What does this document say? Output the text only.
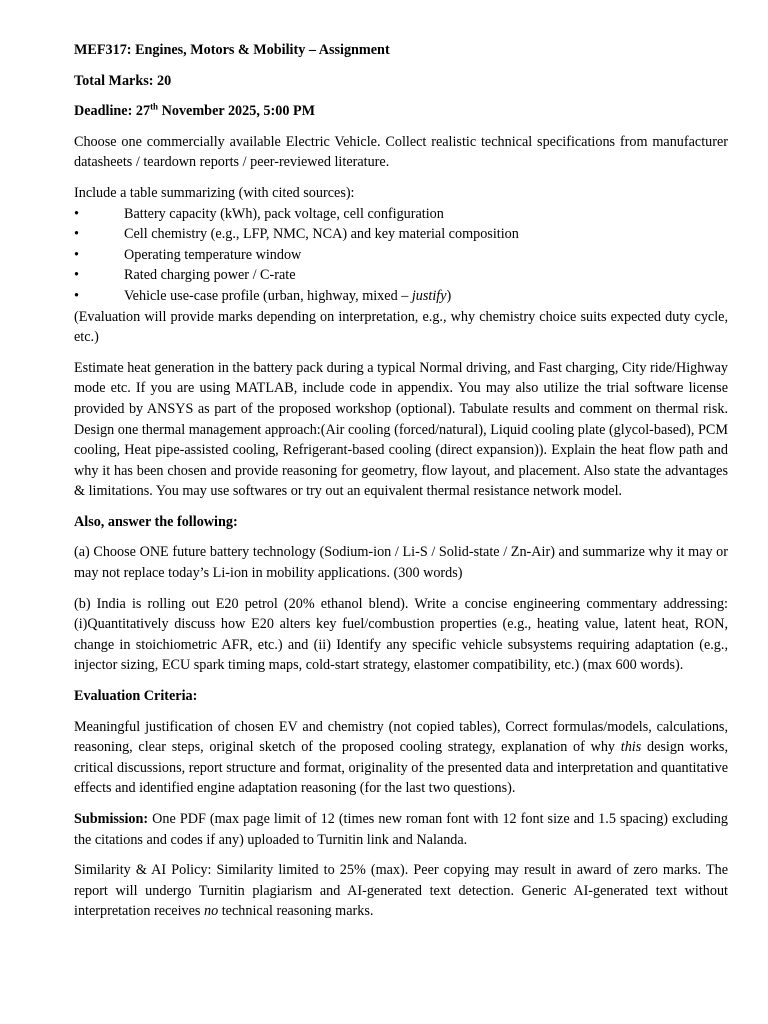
MEF317: Engines, Motors & Mobility – Assignment

Total Marks: 20

Deadline: 27th November 2025, 5:00 PM

Choose one commercially available Electric Vehicle. Collect realistic technical specifications from manufacturer datasheets / teardown reports / peer-reviewed literature.

Include a table summarizing (with cited sources):

•	Battery capacity (kWh), pack voltage, cell configuration
•	Cell chemistry (e.g., LFP, NMC, NCA) and key material composition
•	Operating temperature window
•	Rated charging power / C-rate
•	Vehicle use-case profile (urban, highway, mixed – justify)

(Evaluation will provide marks depending on interpretation, e.g., why chemistry choice suits expected duty cycle, etc.)

Estimate heat generation in the battery pack during a typical Normal driving, and Fast charging, City ride/Highway mode etc. If you are using MATLAB, include code in appendix. You may also utilize the trial software license provided by ANSYS as part of the proposed workshop (optional). Tabulate results and comment on thermal risk. Design one thermal management approach:(Air cooling (forced/natural), Liquid cooling plate (glycol-based), PCM cooling, Heat pipe-assisted cooling, Refrigerant-based cooling (direct expansion)). Explain the heat flow path and why it has been chosen and provide reasoning for geometry, flow layout, and placement. Also state the advantages & limitations. You may use softwares or try out an equivalent thermal resistance network model.

Also, answer the following:

(a) Choose ONE future battery technology (Sodium-ion / Li-S / Solid-state / Zn-Air) and summarize why it may or may not replace today’s Li-ion in mobility applications. (300 words)

(b) India is rolling out E20 petrol (20% ethanol blend). Write a concise engineering commentary addressing: (i)Quantitatively discuss how E20 alters key fuel/combustion properties (e.g., heating value, latent heat, RON, change in stoichiometric AFR, etc.) and (ii) Identify any specific vehicle subsystems requiring adaptation (e.g., injector sizing, ECU spark timing maps, cold-start strategy, elastomer compatibility, etc.) (max 600 words).

Evaluation Criteria:

Meaningful justification of chosen EV and chemistry (not copied tables), Correct formulas/models, calculations, reasoning, clear steps, original sketch of the proposed cooling strategy, explanation of why this design works, critical discussions, report structure and format, originality of the presented data and interpretation and quantitative effects and identified engine adaptation reasoning (for the last two questions).

Submission: One PDF (max page limit of 12 (times new roman font with 12 font size and 1.5 spacing) excluding the citations and codes if any) uploaded to Turnitin link and Nalanda.

Similarity & AI Policy: Similarity limited to 25% (max). Peer copying may result in award of zero marks. The report will undergo Turnitin plagiarism and AI-generated text detection. Generic AI-generated text without interpretation receives no technical reasoning marks.
